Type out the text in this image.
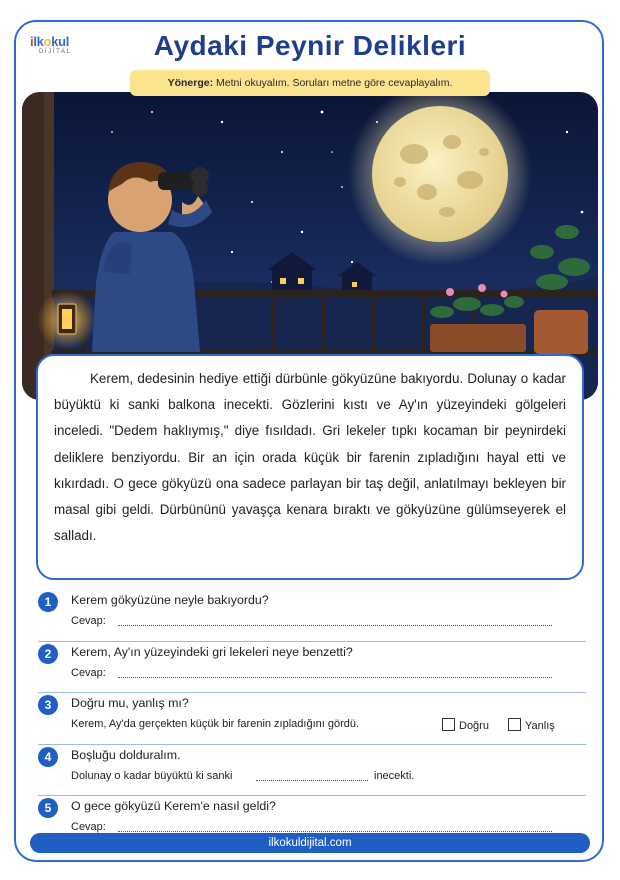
ilkokul
DİJİTAL	Aydaki Peynir Delikleri
Yönerge: Metni okuyalım. Soruları metne göre cevaplayalım.

Kerem, dedesinin hediye ettiği dürbünle gökyüzüne bakıyordu. Dolunay o kadar büyüktü ki sanki balkona inecekti. Gözlerini kıstı ve Ay'ın yüzeyindeki gölgeleri inceledi. "Dedem haklıymış," diye fısıldadı. Gri lekeler tıpkı kocaman bir peynirdeki deliklere benziyordu. Bir an için orada küçük bir farenin zıpladığını hayal etti ve kıkırdadı. O gece gökyüzü ona sadece parlayan bir taş değil, anlatılmayı bekleyen bir masal gibi geldi. Dürbününü yavaşça kenara bıraktı ve gökyüzüne gülümseyerek el salladı.

1	Kerem gökyüzüne neyle bakıyordu?
Cevap:
2	Kerem, Ay'ın yüzeyindeki gri lekeleri neye benzetti?
Cevap:
3	Doğru mu, yanlış mı?
Kerem, Ay'da gerçekten küçük bir farenin zıpladığını gördü.	Doğru	Yanlış
4	Boşluğu dolduralım.
Dolunay o kadar büyüktü ki sanki	inecekti.
5	O gece gökyüzü Kerem'e nasıl geldi?
Cevap:
ilkokuldijital.com
